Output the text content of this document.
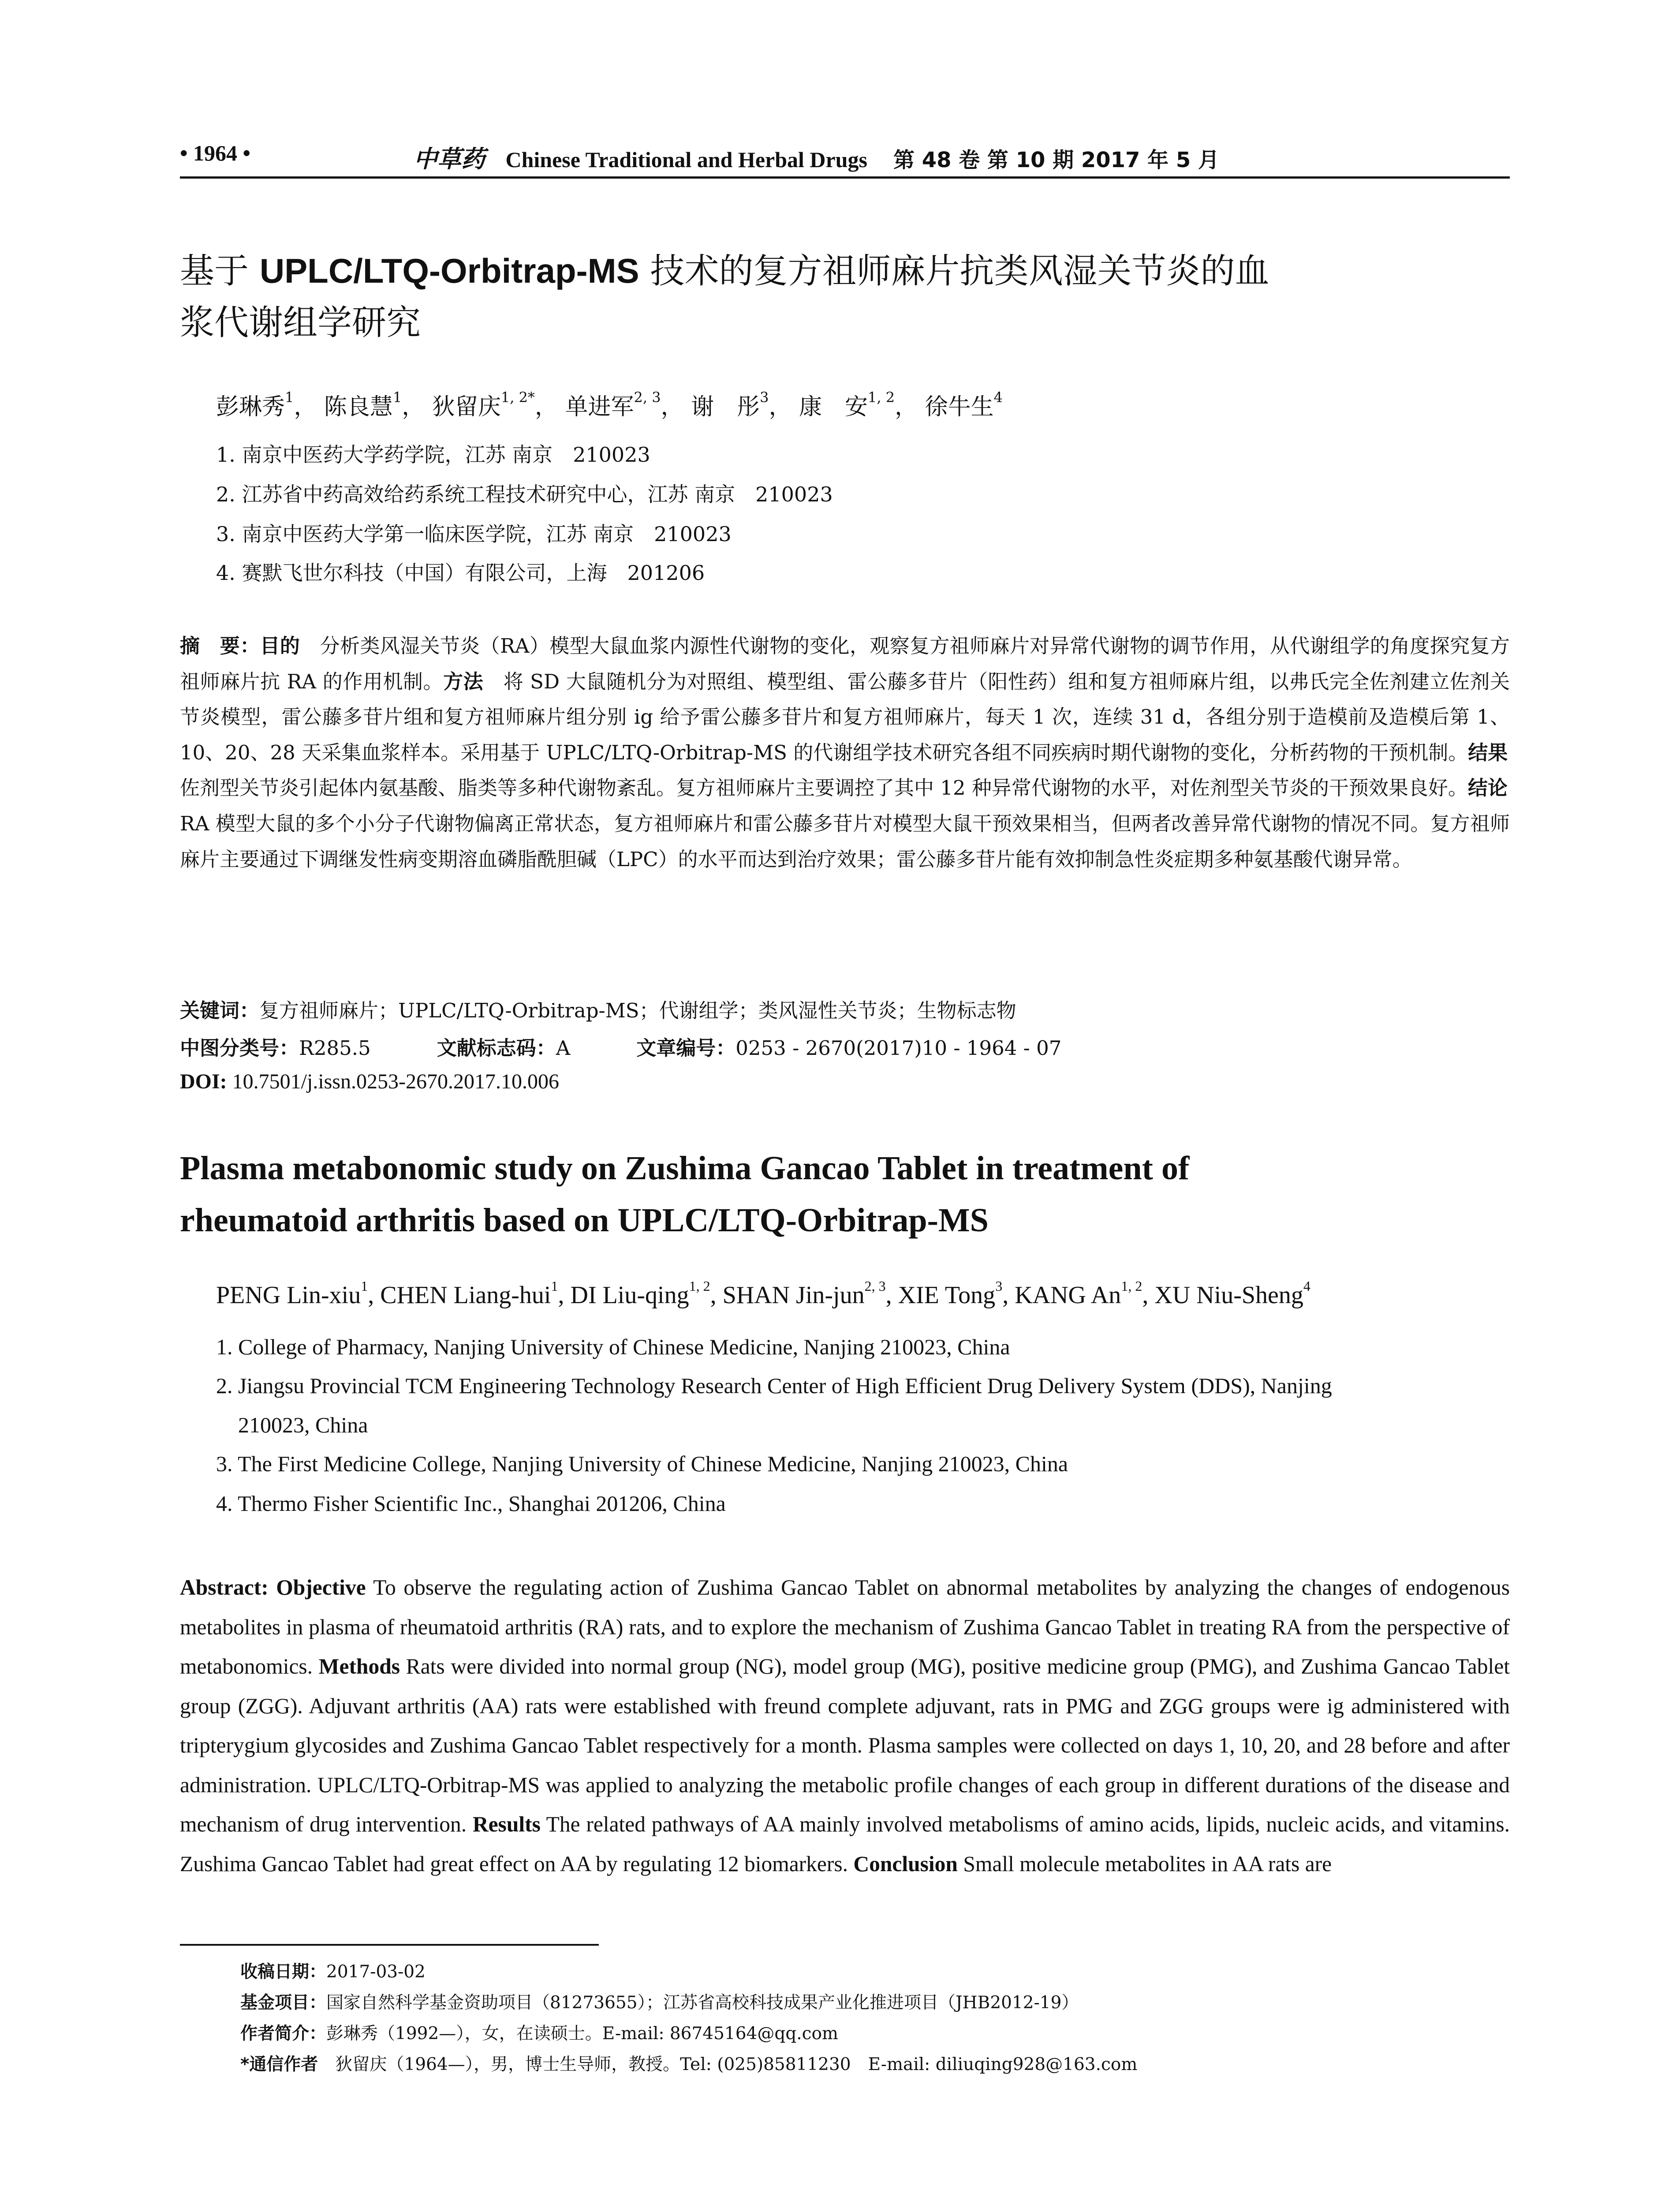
• 1964 •	中草药 Chinese Traditional and Herbal Drugs 第 48 卷 第 10 期 2017 年 5 月
基于 UPLC/LTQ-Orbitrap-MS 技术的复方祖师麻片抗类风湿关节炎的血
浆代谢组学研究
彭琳秀$^1$， 陈良慧$^1$， 狄留庆$^{1, 2*}$， 单进军$^{2, 3}$， 谢　彤$^3$， 康　安$^{1, 2}$， 徐牛生$^4$
1. 南京中医药大学药学院，江苏 南京　210023
2. 江苏省中药高效给药系统工程技术研究中心，江苏 南京　210023
3. 南京中医药大学第一临床医学院，江苏 南京　210023
4. 赛默飞世尔科技（中国）有限公司，上海　201206
摘　要：目的　分析类风湿关节炎（RA）模型大鼠血浆内源性代谢物的变化，观察复方祖师麻片对异常代谢物的调节作用，从代谢组学的角度探究复方祖师麻片抗 RA 的作用机制。方法　将 SD 大鼠随机分为对照组、模型组、雷公藤多苷片（阳性药）组和复方祖师麻片组，以弗氏完全佐剂建立佐剂关节炎模型，雷公藤多苷片组和复方祖师麻片组分别 ig 给予雷公藤多苷片和复方祖师麻片，每天 1 次，连续 31 d，各组分别于造模前及造模后第 1、10、20、28 天采集血浆样本。采用基于 UPLC/LTQ-Orbitrap-MS 的代谢组学技术研究各组不同疾病时期代谢物的变化，分析药物的干预机制。结果　佐剂型关节炎引起体内氨基酸、脂类等多种代谢物紊乱。复方祖师麻片主要调控了其中 12 种异常代谢物的水平，对佐剂型关节炎的干预效果良好。结论　RA 模型大鼠的多个小分子代谢物偏离正常状态，复方祖师麻片和雷公藤多苷片对模型大鼠干预效果相当，但两者改善异常代谢物的情况不同。复方祖师麻片主要通过下调继发性病变期溶血磷脂酰胆碱（LPC）的水平而达到治疗效果；雷公藤多苷片能有效抑制急性炎症期多种氨基酸代谢异常。
关键词：复方祖师麻片；UPLC/LTQ-Orbitrap-MS；代谢组学；类风湿性关节炎；生物标志物
中图分类号：R285.5	文献标志码：A	文章编号：0253 - 2670(2017)10 - 1964 - 07
DOI: 10.7501/j.issn.0253-2670.2017.10.006
Plasma metabonomic study on Zushima Gancao Tablet in treatment of
rheumatoid arthritis based on UPLC/LTQ-Orbitrap-MS
PENG Lin-xiu$^1$, CHEN Liang-hui$^1$, DI Liu-qing$^{1, 2}$, SHAN Jin-jun$^{2, 3}$, XIE Tong$^3$, KANG An$^{1, 2}$, XU Niu-Sheng$^4$
1. College of Pharmacy, Nanjing University of Chinese Medicine, Nanjing 210023, China
2. Jiangsu Provincial TCM Engineering Technology Research Center of High Efficient Drug Delivery System (DDS), Nanjing
210023, China
3. The First Medicine College, Nanjing University of Chinese Medicine, Nanjing 210023, China
4. Thermo Fisher Scientific Inc., Shanghai 201206, China
Abstract: Objective To observe the regulating action of Zushima Gancao Tablet on abnormal metabolites by analyzing the changes of endogenous metabolites in plasma of rheumatoid arthritis (RA) rats, and to explore the mechanism of Zushima Gancao Tablet in treating RA from the perspective of metabonomics. Methods Rats were divided into normal group (NG), model group (MG), positive medicine group (PMG), and Zushima Gancao Tablet group (ZGG). Adjuvant arthritis (AA) rats were established with freund complete adjuvant, rats in PMG and ZGG groups were ig administered with tripterygium glycosides and Zushima Gancao Tablet respectively for a month. Plasma samples were collected on days 1, 10, 20, and 28 before and after administration. UPLC/LTQ-Orbitrap-MS was applied to analyzing the metabolic profile changes of each group in different durations of the disease and mechanism of drug intervention. Results The related pathways of AA mainly involved metabolisms of amino acids, lipids, nucleic acids, and vitamins. Zushima Gancao Tablet had great effect on AA by regulating 12 biomarkers. Conclusion Small molecule metabolites in AA rats are
收稿日期：2017-03-02
基金项目：国家自然科学基金资助项目（81273655）；江苏省高校科技成果产业化推进项目（JHB2012-19）
作者简介：彭琳秀（1992—），女，在读硕士。E-mail: 86745164@qq.com
*通信作者　狄留庆（1964—），男，博士生导师，教授。Tel: (025)85811230　E-mail: diliuqing928@163.com
